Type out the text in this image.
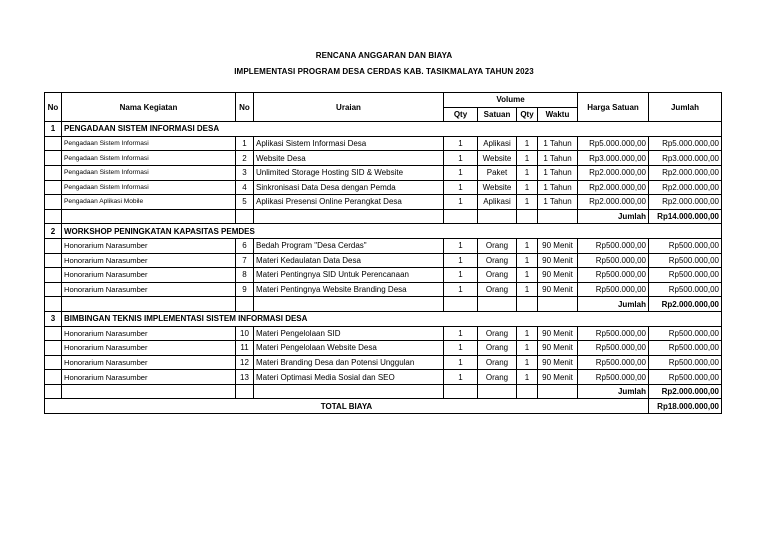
RENCANA ANGGARAN DAN BIAYA
IMPLEMENTASI PROGRAM DESA CERDAS KAB. TASIKMALAYA TAHUN 2023
No	Nama Kegiatan	No	Uraian	Volume				Harga Satuan	Jumlah
				Qty	Satuan	Qty	Waktu		
1	PENGADAAN SISTEM INFORMASI DESA								
	Pengadaan Sistem Informasi	1	Aplikasi Sistem Informasi Desa	1	Aplikasi	1	1 Tahun	Rp5.000.000,00	Rp5.000.000,00
	Pengadaan Sistem Informasi	2	Website Desa	1	Website	1	1 Tahun	Rp3.000.000,00	Rp3.000.000,00
	Pengadaan Sistem Informasi	3	Unlimited Storage Hosting SID & Website	1	Paket	1	1 Tahun	Rp2.000.000,00	Rp2.000.000,00
	Pengadaan Sistem Informasi	4	Sinkronisasi Data Desa dengan Pemda	1	Website	1	1 Tahun	Rp2.000.000,00	Rp2.000.000,00
	Pengadaan Aplikasi Mobile	5	Aplikasi Presensi Online Perangkat Desa	1	Aplikasi	1	1 Tahun	Rp2.000.000,00	Rp2.000.000,00
								Jumlah	Rp14.000.000,00
2	WORKSHOP PENINGKATAN KAPASITAS PEMDES								
	Honorarium Narasumber	6	Bedah Program "Desa Cerdas"	1	Orang	1	90 Menit	Rp500.000,00	Rp500.000,00
	Honorarium Narasumber	7	Materi Kedaulatan Data Desa	1	Orang	1	90 Menit	Rp500.000,00	Rp500.000,00
	Honorarium Narasumber	8	Materi Pentingnya SID Untuk Perencanaan	1	Orang	1	90 Menit	Rp500.000,00	Rp500.000,00
	Honorarium Narasumber	9	Materi Pentingnya Website Branding Desa	1	Orang	1	90 Menit	Rp500.000,00	Rp500.000,00
								Jumlah	Rp2.000.000,00
3	BIMBINGAN TEKNIS IMPLEMENTASI SISTEM INFORMASI DESA								
	Honorarium Narasumber	10	Materi Pengelolaan SID	1	Orang	1	90 Menit	Rp500.000,00	Rp500.000,00
	Honorarium Narasumber	11	Materi Pengelolaan Website Desa	1	Orang	1	90 Menit	Rp500.000,00	Rp500.000,00
	Honorarium Narasumber	12	Materi Branding Desa dan Potensi Unggulan	1	Orang	1	90 Menit	Rp500.000,00	Rp500.000,00
	Honorarium Narasumber	13	Materi Optimasi Media Sosial dan SEO	1	Orang	1	90 Menit	Rp500.000,00	Rp500.000,00
								Jumlah	Rp2.000.000,00
TOTAL BIAYA									Rp18.000.000,00
